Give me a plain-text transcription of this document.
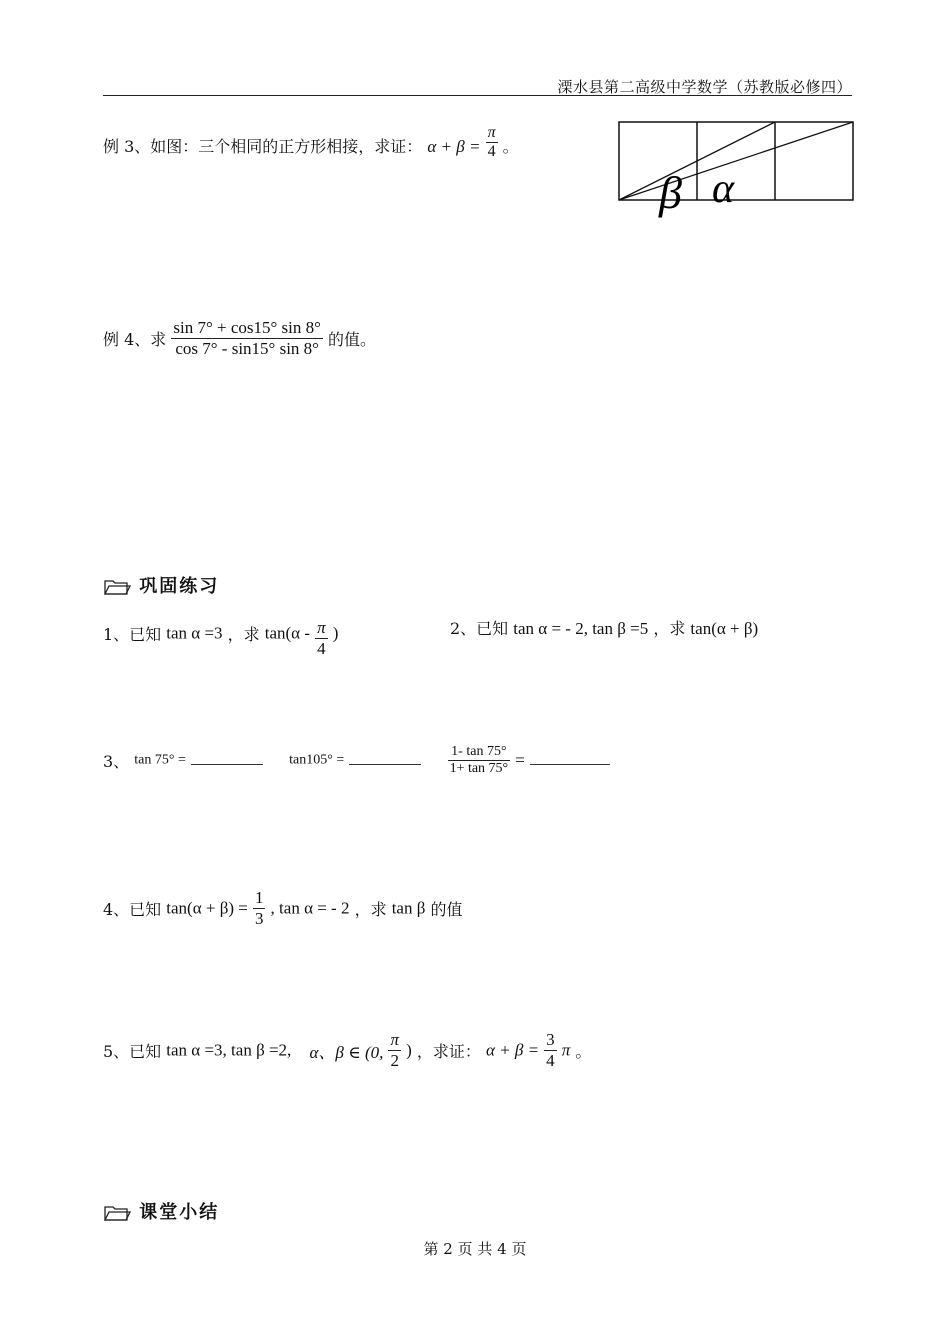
溧水县第二高级中学数学（苏教版必修四）
例 3、如图：三个相同的正方形相接，求证： $\alpha + \beta = \frac{\pi}{4}$ 。
β α
例 4、求 $\frac{\sin 7^\circ + \cos 15^\circ \sin 8^\circ}{\cos 7^\circ - \sin 15^\circ \sin 8^\circ}$ 的值。
巩固练习
1、已知 tan α =3 ，求 $\tan(\alpha - \frac{\pi}{4}$ )	2、已知 tan α = - 2, tan β =5 ，求 tan(α + β)
3、 tan 75° =	tan105° =	$\frac{1- \tan 75^\circ}{1+ \tan 75^\circ}$ =
4、已知 $\tan(\alpha + \beta) = \frac{1}{3}$ , tan α = - 2 ，求 tan β 的值
5、已知 tan α =3, tan β =2, α、β ∈ (0, $\frac{\pi}{2}$ ) ，求证： $\alpha + \beta = \frac{3}{4}$ π 。
课堂小结
第 2 页 共 4 页
